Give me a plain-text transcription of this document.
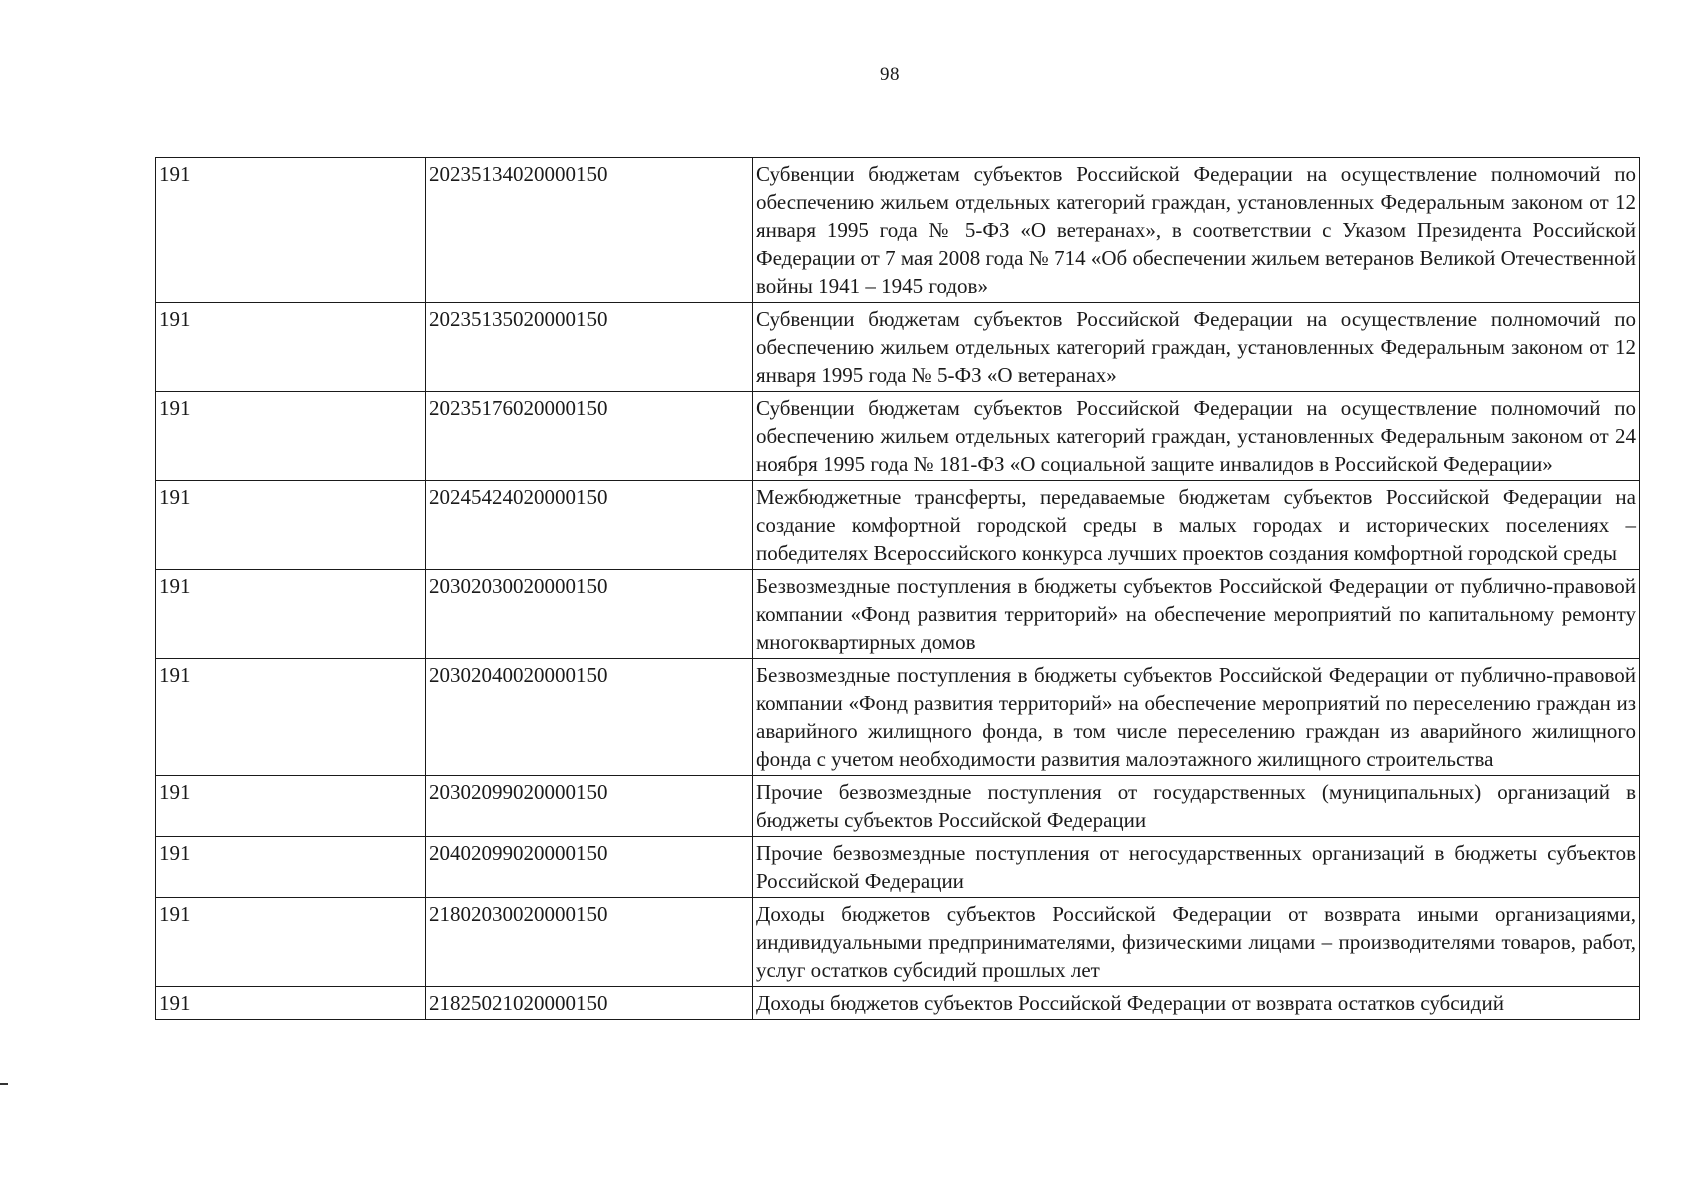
98
191	20235134020000150	Субвенции бюджетам субъектов Российской Федерации на осуществление полномочий по обеспечению жильем отдельных категорий граждан, установленных Федеральным законом от 12 января 1995 года № 5-ФЗ «О ветеранах», в соответствии с Указом Президента Российской Федерации от 7 мая 2008 года № 714 «Об обеспечении жильем ветеранов Великой Отечественной войны 1941 – 1945 годов»
191	20235135020000150	Субвенции бюджетам субъектов Российской Федерации на осуществление полномочий по обеспечению жильем отдельных категорий граждан, установленных Федеральным законом от 12 января 1995 года № 5-ФЗ «О ветеранах»
191	20235176020000150	Субвенции бюджетам субъектов Российской Федерации на осуществление полномочий по обеспечению жильем отдельных категорий граждан, установленных Федеральным законом от 24 ноября 1995 года № 181-ФЗ «О социальной защите инвалидов в Российской Федерации»
191	20245424020000150	Межбюджетные трансферты, передаваемые бюджетам субъектов Российской Федерации на создание комфортной городской среды в малых городах и исторических поселениях – победителях Всероссийского конкурса лучших проектов создания комфортной городской среды
191	20302030020000150	Безвозмездные поступления в бюджеты субъектов Российской Федерации от публично-правовой компании «Фонд развития территорий» на обеспечение мероприятий по капитальному ремонту многоквартирных домов
191	20302040020000150	Безвозмездные поступления в бюджеты субъектов Российской Федерации от публично-правовой компании «Фонд развития территорий» на обеспечение мероприятий по переселению граждан из аварийного жилищного фонда, в том числе переселению граждан из аварийного жилищного фонда с учетом необходимости развития малоэтажного жилищного строительства
191	20302099020000150	Прочие безвозмездные поступления от государственных (муниципальных) организаций в бюджеты субъектов Российской Федерации
191	20402099020000150	Прочие безвозмездные поступления от негосударственных организаций в бюджеты субъектов Российской Федерации
191	21802030020000150	Доходы бюджетов субъектов Российской Федерации от возврата иными организациями, индивидуальными предпринимателями, физическими лицами – производителями товаров, работ, услуг остатков субсидий прошлых лет
191	21825021020000150	Доходы бюджетов субъектов Российской Федерации от возврата остатков субсидий
